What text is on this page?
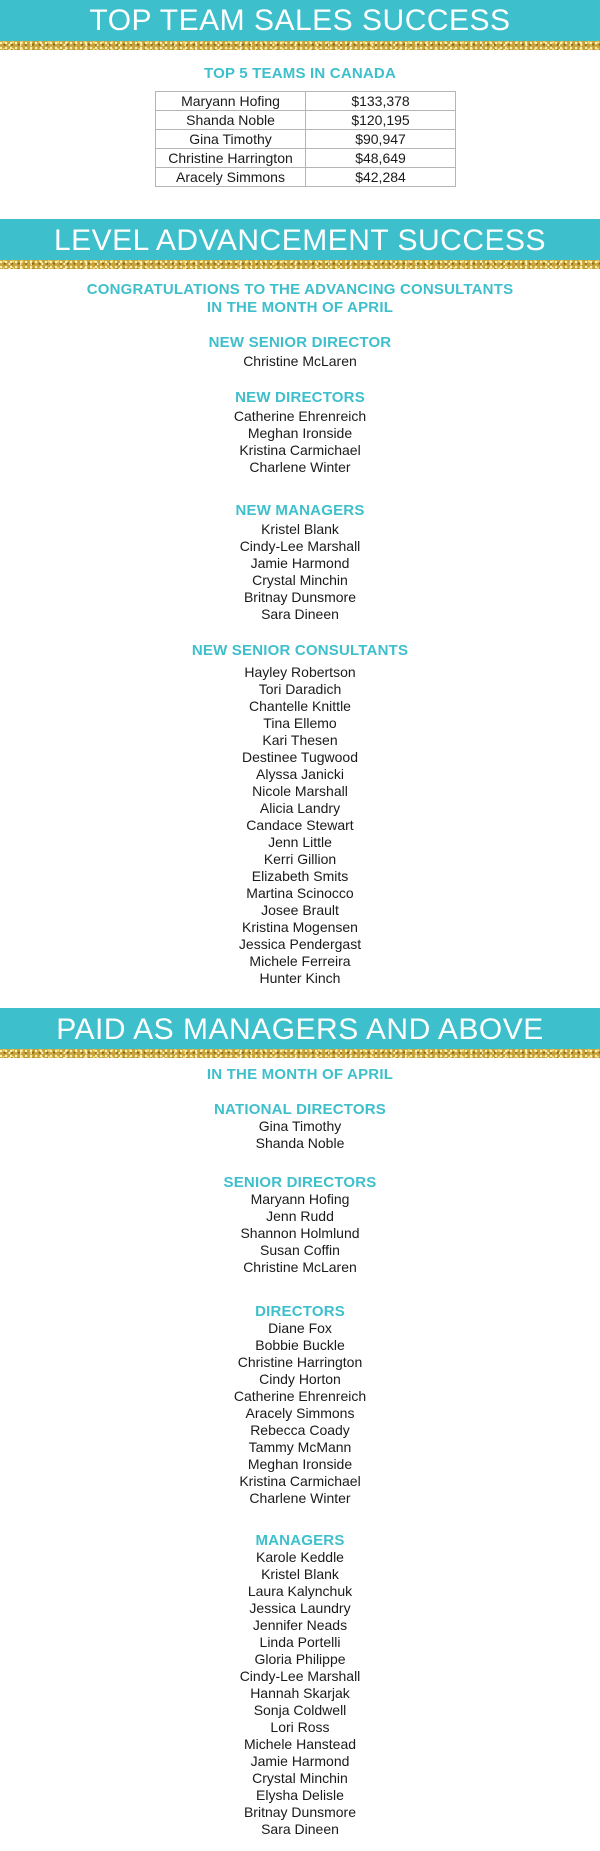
TOP TEAM SALES SUCCESS
TOP 5 TEAMS IN CANADA
Maryann Hofing	$133,378
Shanda Noble	$120,195
Gina Timothy	$90,947
Christine Harrington	$48,649
Aracely Simmons	$42,284
LEVEL ADVANCEMENT SUCCESS
CONGRATULATIONS TO THE ADVANCING CONSULTANTS
IN THE MONTH OF APRIL
NEW SENIOR DIRECTOR
Christine McLaren
NEW DIRECTORS
Catherine Ehrenreich
Meghan Ironside
Kristina Carmichael
Charlene Winter
NEW MANAGERS
Kristel Blank
Cindy-Lee Marshall
Jamie Harmond
Crystal Minchin
Britnay Dunsmore
Sara Dineen
NEW SENIOR CONSULTANTS
Hayley Robertson
Tori Daradich
Chantelle Knittle
Tina Ellemo
Kari Thesen
Destinee Tugwood
Alyssa Janicki
Nicole Marshall
Alicia Landry
Candace Stewart
Jenn Little
Kerri Gillion
Elizabeth Smits
Martina Scinocco
Josee Brault
Kristina Mogensen
Jessica Pendergast
Michele Ferreira
Hunter Kinch
PAID AS MANAGERS AND ABOVE
IN THE MONTH OF APRIL
NATIONAL DIRECTORS
Gina Timothy
Shanda Noble
SENIOR DIRECTORS
Maryann Hofing
Jenn Rudd
Shannon Holmlund
Susan Coffin
Christine McLaren
DIRECTORS
Diane Fox
Bobbie Buckle
Christine Harrington
Cindy Horton
Catherine Ehrenreich
Aracely Simmons
Rebecca Coady
Tammy McMann
Meghan Ironside
Kristina Carmichael
Charlene Winter
MANAGERS
Karole Keddle
Kristel Blank
Laura Kalynchuk
Jessica Laundry
Jennifer Neads
Linda Portelli
Gloria Philippe
Cindy-Lee Marshall
Hannah Skarjak
Sonja Coldwell
Lori Ross
Michele Hanstead
Jamie Harmond
Crystal Minchin
Elysha Delisle
Britnay Dunsmore
Sara Dineen
